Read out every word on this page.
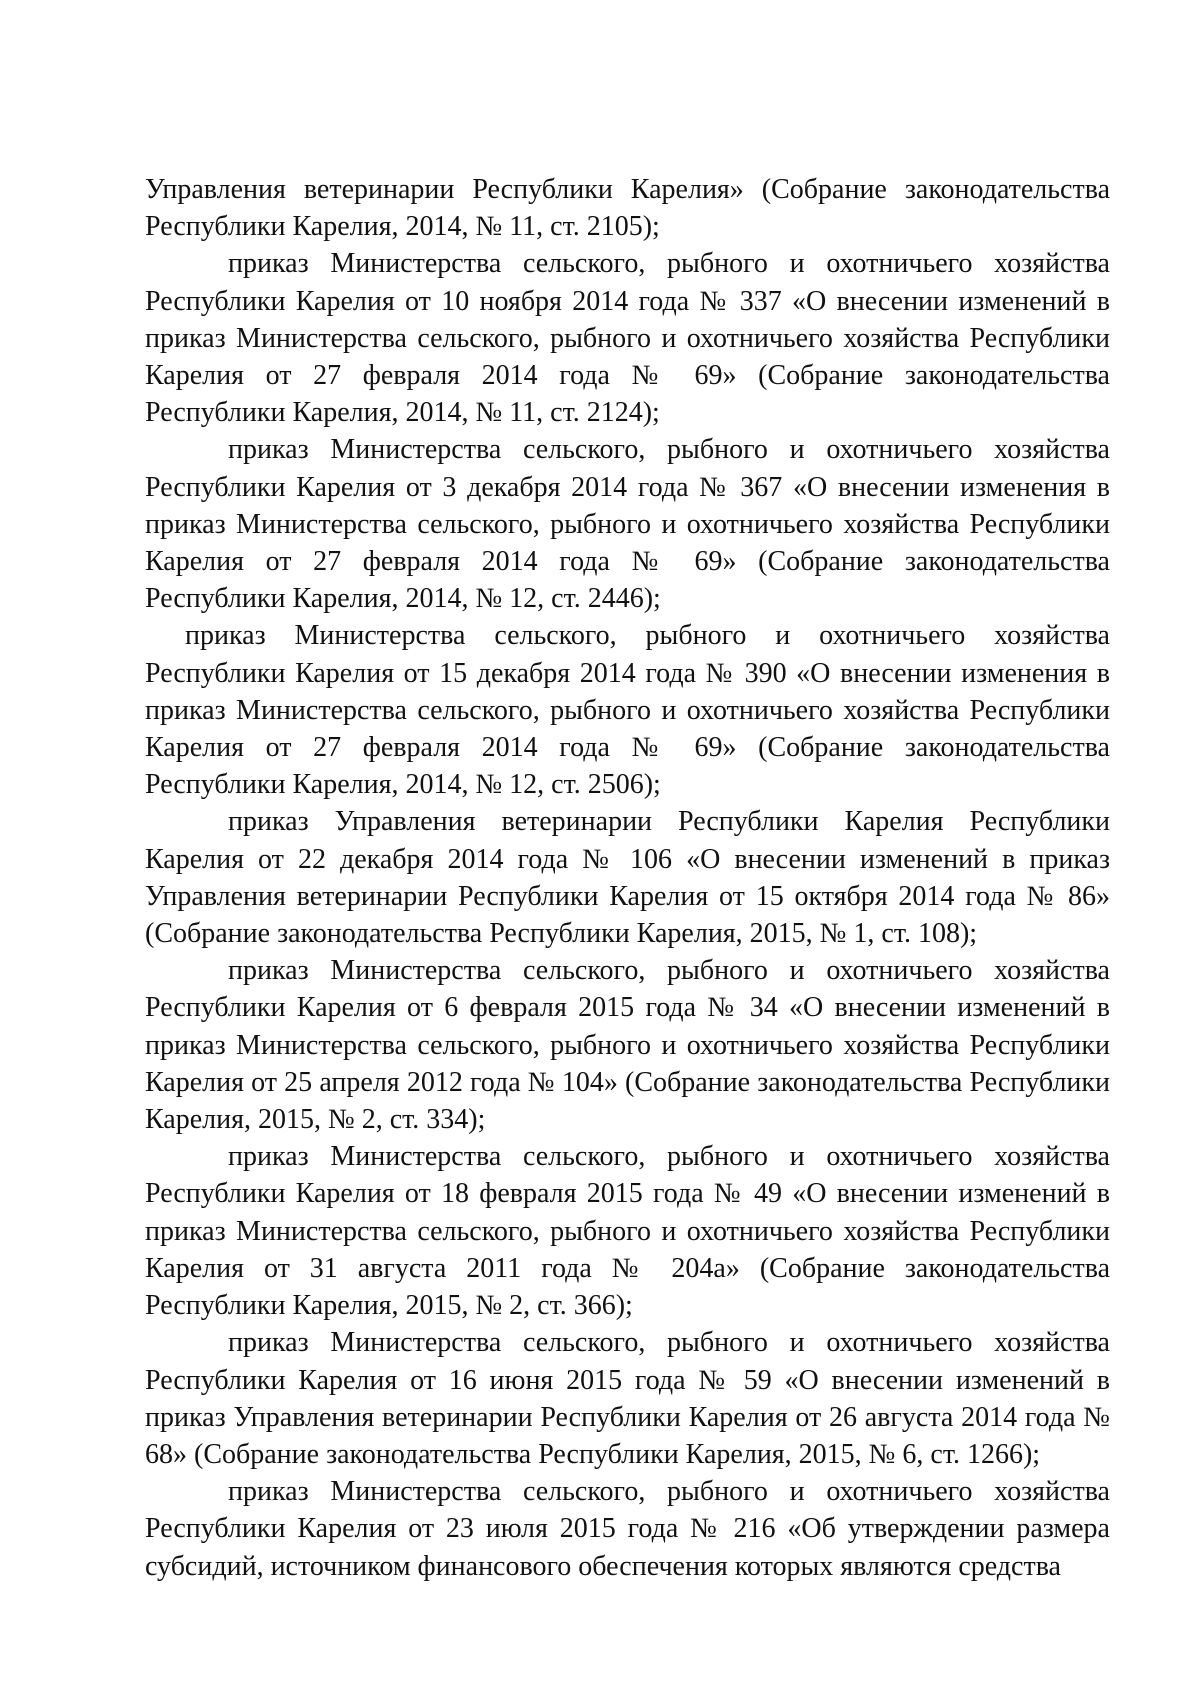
Управления ветеринарии Республики Карелия» (Собрание законодательства Республики Карелия, 2014, № 11, ст. 2105);

приказ Министерства сельского, рыбного и охотничьего хозяйства Республики Карелия от 10 ноября 2014 года № 337 «О внесении изменений в приказ Министерства сельского, рыбного и охотничьего хозяйства Республики Карелия от 27 февраля 2014 года № 69» (Собрание законодательства Республики Карелия, 2014, № 11, ст. 2124);

приказ Министерства сельского, рыбного и охотничьего хозяйства Республики Карелия от 3 декабря 2014 года № 367 «О внесении изменения в приказ Министерства сельского, рыбного и охотничьего хозяйства Республики Карелия от 27 февраля 2014 года № 69» (Собрание законодательства Республики Карелия, 2014, № 12, ст. 2446);

приказ Министерства сельского, рыбного и охотничьего хозяйства Республики Карелия от 15 декабря 2014 года № 390 «О внесении изменения в приказ Министерства сельского, рыбного и охотничьего хозяйства Республики Карелия от 27 февраля 2014 года № 69» (Собрание законодательства Республики Карелия, 2014, № 12, ст. 2506);

приказ Управления ветеринарии Республики Карелия Республики Карелия от 22 декабря 2014 года № 106 «О внесении изменений в приказ Управления ветеринарии Республики Карелия от 15 октября 2014 года № 86» (Собрание законодательства Республики Карелия, 2015, № 1, ст. 108);

приказ Министерства сельского, рыбного и охотничьего хозяйства Республики Карелия от 6 февраля 2015 года № 34 «О внесении изменений в приказ Министерства сельского, рыбного и охотничьего хозяйства Республики Карелия от 25 апреля 2012 года № 104» (Собрание законодательства Республики Карелия, 2015, № 2, ст. 334);

приказ Министерства сельского, рыбного и охотничьего хозяйства Республики Карелия от 18 февраля 2015 года № 49 «О внесении изменений в приказ Министерства сельского, рыбного и охотничьего хозяйства Республики Карелия от 31 августа 2011 года № 204а» (Собрание законодательства Республики Карелия, 2015, № 2, ст. 366);

приказ Министерства сельского, рыбного и охотничьего хозяйства Республики Карелия от 16 июня 2015 года № 59 «О внесении изменений в приказ Управления ветеринарии Республики Карелия от 26 августа 2014 года № 68» (Собрание законодательства Республики Карелия, 2015, № 6, ст. 1266);

приказ Министерства сельского, рыбного и охотничьего хозяйства Республики Карелия от 23 июля 2015 года № 216 «Об утверждении размера субсидий, источником финансового обеспечения которых являются средства
